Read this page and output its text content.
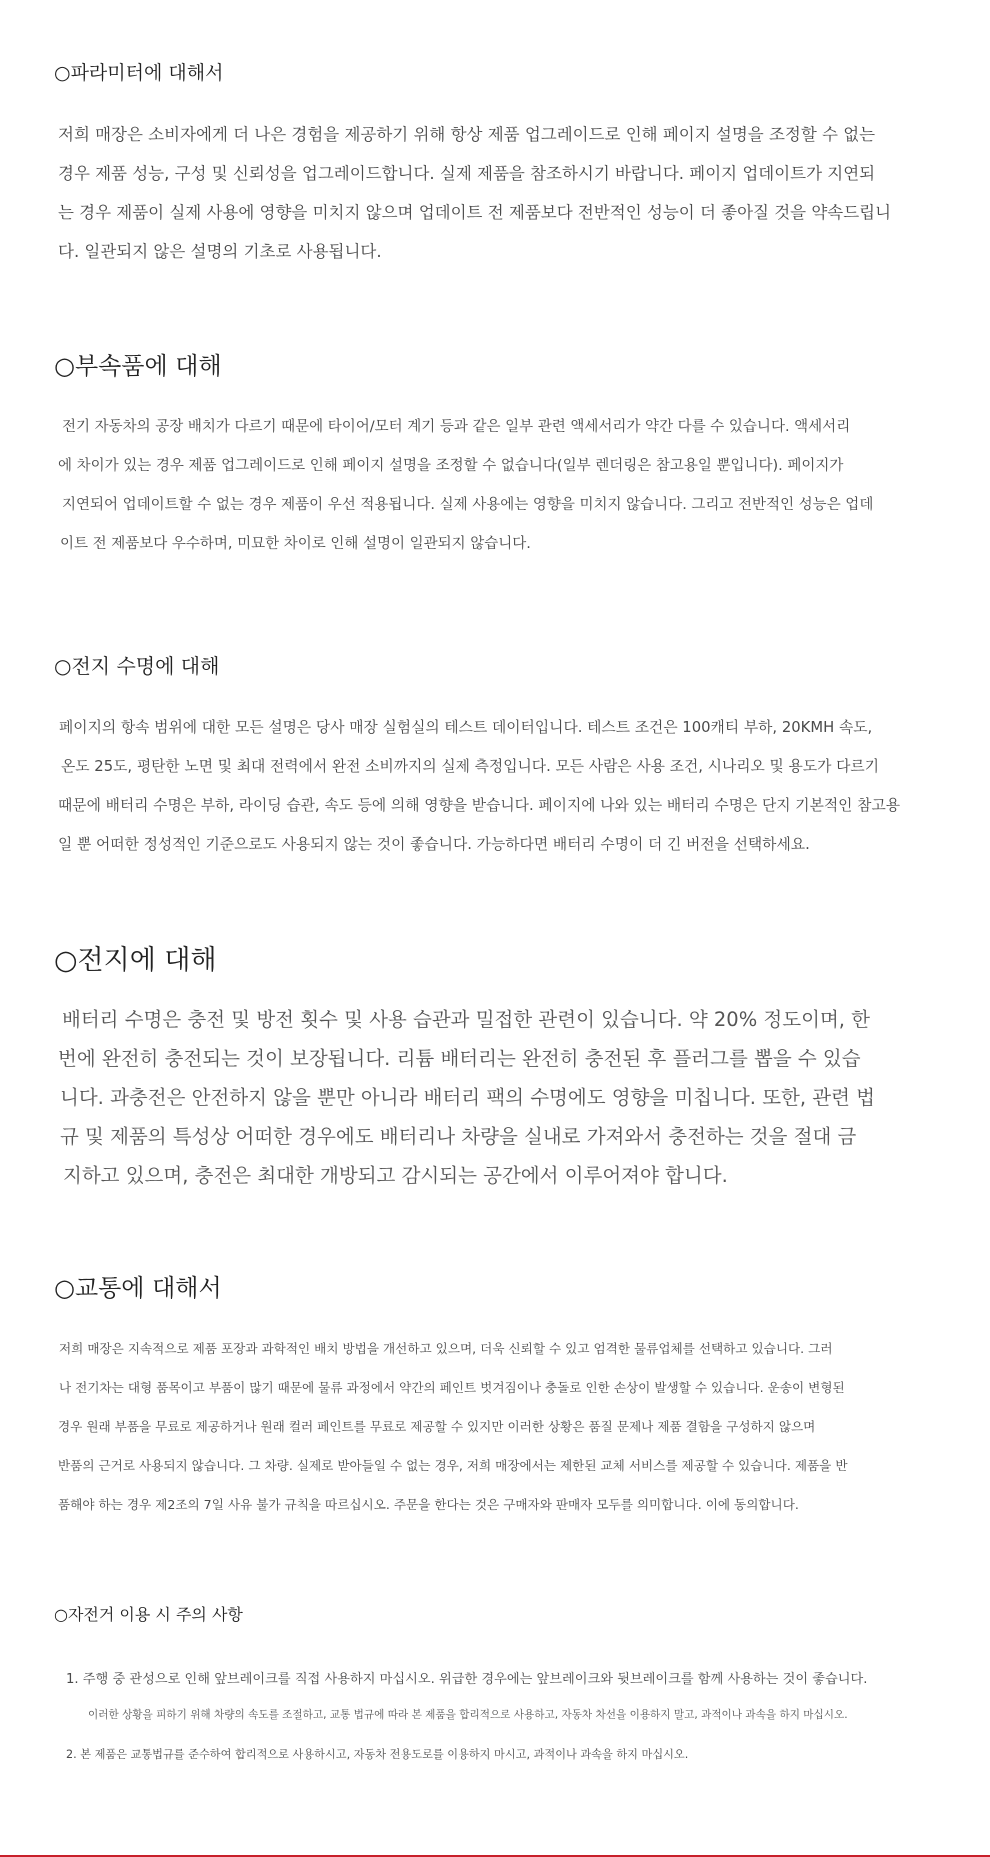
○파라미터에 대해서

저희 매장은 소비자에게 더 나은 경험을 제공하기 위해 항상 제품 업그레이드로 인해 페이지 설명을 조정할 수 없는

경우 제품 성능, 구성 및 신뢰성을 업그레이드합니다. 실제 제품을 참조하시기 바랍니다. 페이지 업데이트가 지연되

는 경우 제품이 실제 사용에 영향을 미치지 않으며 업데이트 전 제품보다 전반적인 성능이 더 좋아질 것을 약속드립니

다. 일관되지 않은 설명의 기초로 사용됩니다.

○부속품에 대해

전기 자동차의 공장 배치가 다르기 때문에 타이어/모터 계기 등과 같은 일부 관련 액세서리가 약간 다를 수 있습니다. 액세서리

에 차이가 있는 경우 제품 업그레이드로 인해 페이지 설명을 조정할 수 없습니다(일부 렌더링은 참고용일 뿐입니다). 페이지가

지연되어 업데이트할 수 없는 경우 제품이 우선 적용됩니다. 실제 사용에는 영향을 미치지 않습니다. 그리고 전반적인 성능은 업데

이트 전 제품보다 우수하며, 미묘한 차이로 인해 설명이 일관되지 않습니다.

○전지 수명에 대해

페이지의 항속 범위에 대한 모든 설명은 당사 매장 실험실의 테스트 데이터입니다. 테스트 조건은 100캐티 부하, 20KMH 속도,

온도 25도, 평탄한 노면 및 최대 전력에서 완전 소비까지의 실제 측정입니다. 모든 사람은 사용 조건, 시나리오 및 용도가 다르기

때문에 배터리 수명은 부하, 라이딩 습관, 속도 등에 의해 영향을 받습니다. 페이지에 나와 있는 배터리 수명은 단지 기본적인 참고용

일 뿐 어떠한 정성적인 기준으로도 사용되지 않는 것이 좋습니다. 가능하다면 배터리 수명이 더 긴 버전을 선택하세요.

○전지에 대해

배터리 수명은 충전 및 방전 횟수 및 사용 습관과 밀접한 관련이 있습니다. 약 20% 정도이며, 한

번에 완전히 충전되는 것이 보장됩니다. 리튬 배터리는 완전히 충전된 후 플러그를 뽑을 수 있습

니다. 과충전은 안전하지 않을 뿐만 아니라 배터리 팩의 수명에도 영향을 미칩니다. 또한, 관련 법

규 및 제품의 특성상 어떠한 경우에도 배터리나 차량을 실내로 가져와서 충전하는 것을 절대 금

지하고 있으며, 충전은 최대한 개방되고 감시되는 공간에서 이루어져야 합니다.

○교통에 대해서

저희 매장은 지속적으로 제품 포장과 과학적인 배치 방법을 개선하고 있으며, 더욱 신뢰할 수 있고 엄격한 물류업체를 선택하고 있습니다. 그러

나 전기차는 대형 품목이고 부품이 많기 때문에 물류 과정에서 약간의 페인트 벗겨짐이나 충돌로 인한 손상이 발생할 수 있습니다. 운송이 변형된

경우 원래 부품을 무료로 제공하거나 원래 컬러 페인트를 무료로 제공할 수 있지만 이러한 상황은 품질 문제나 제품 결함을 구성하지 않으며

반품의 근거로 사용되지 않습니다. 그 차량. 실제로 받아들일 수 없는 경우, 저희 매장에서는 제한된 교체 서비스를 제공할 수 있습니다. 제품을 반

품해야 하는 경우 제2조의 7일 사유 불가 규칙을 따르십시오. 주문을 한다는 것은 구매자와 판매자 모두를 의미합니다. 이에 동의합니다.

○자전거 이용 시 주의 사항

1. 주행 중 관성으로 인해 앞브레이크를 직접 사용하지 마십시오. 위급한 경우에는 앞브레이크와 뒷브레이크를 함께 사용하는 것이 좋습니다.

이러한 상황을 피하기 위해 차량의 속도를 조절하고, 교통 법규에 따라 본 제품을 합리적으로 사용하고, 자동차 차선을 이용하지 말고, 과적이나 과속을 하지 마십시오.

2. 본 제품은 교통법규를 준수하여 합리적으로 사용하시고, 자동차 전용도로를 이용하지 마시고, 과적이나 과속을 하지 마십시오.
